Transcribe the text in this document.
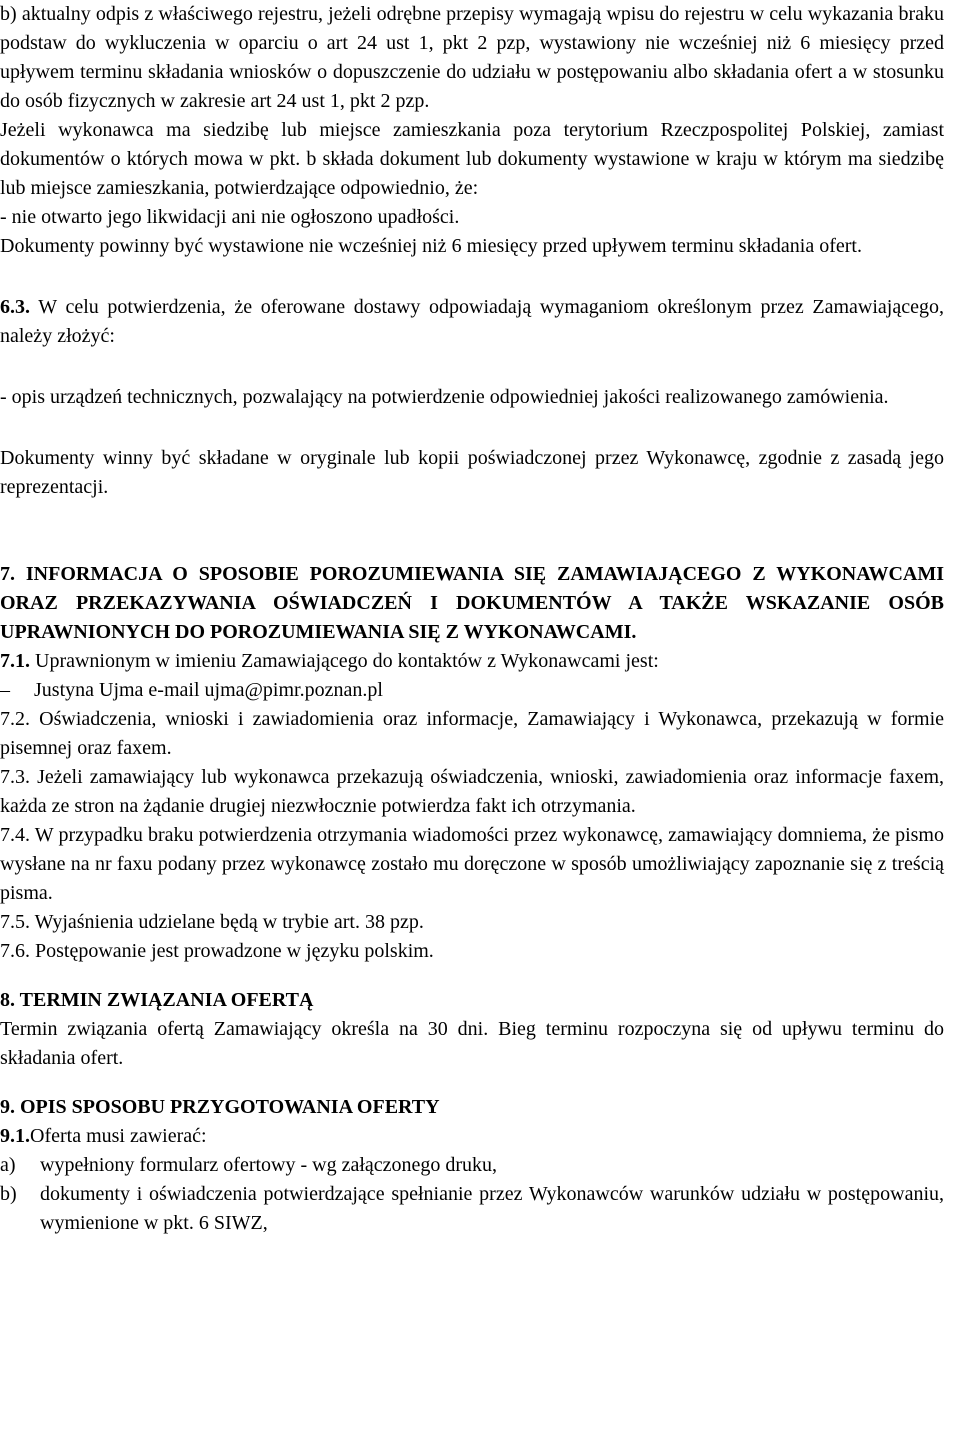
b) aktualny odpis z właściwego rejestru, jeżeli odrębne przepisy wymagają wpisu do rejestru w celu wykazania braku podstaw do wykluczenia w oparciu o art 24 ust 1, pkt 2 pzp, wystawiony nie wcześniej niż 6 miesięcy przed upływem terminu składania wniosków o dopuszczenie do udziału w postępowaniu albo składania ofert a w stosunku do osób fizycznych w zakresie art 24 ust 1, pkt 2 pzp.

Jeżeli wykonawca ma siedzibę lub miejsce zamieszkania poza terytorium Rzeczpospolitej Polskiej, zamiast dokumentów o których mowa w pkt. b składa dokument lub dokumenty wystawione w kraju w którym ma siedzibę lub miejsce zamieszkania, potwierdzające odpowiednio, że:

- nie otwarto jego likwidacji ani nie ogłoszono upadłości.

Dokumenty powinny być wystawione nie wcześniej niż 6 miesięcy przed upływem terminu składania ofert.

6.3. W celu potwierdzenia, że oferowane dostawy odpowiadają wymaganiom określonym przez Zamawiającego, należy złożyć:

- opis urządzeń technicznych, pozwalający na potwierdzenie odpowiedniej jakości realizowanego zamówienia.

Dokumenty winny być składane w oryginale lub kopii poświadczonej przez Wykonawcę, zgodnie z zasadą jego reprezentacji.

7. INFORMACJA O SPOSOBIE POROZUMIEWANIA SIĘ ZAMAWIAJĄCEGO Z WYKONAWCAMI ORAZ PRZEKAZYWANIA OŚWIADCZEŃ I DOKUMENTÓW A TAKŻE WSKAZANIE OSÓB UPRAWNIONYCH DO POROZUMIEWANIA SIĘ Z WYKONAWCAMI.

7.1. Uprawnionym w imieniu Zamawiającego do kontaktów z Wykonawcami jest:

–	Justyna Ujma e-mail ujma@pimr.poznan.pl

7.2. Oświadczenia, wnioski i zawiadomienia oraz informacje, Zamawiający i Wykonawca, przekazują w formie pisemnej oraz faxem.

7.3. Jeżeli zamawiający lub wykonawca przekazują oświadczenia, wnioski, zawiadomienia oraz informacje faxem, każda ze stron na żądanie drugiej niezwłocznie potwierdza fakt ich otrzymania.

7.4. W przypadku braku potwierdzenia otrzymania wiadomości przez wykonawcę, zamawiający domniema, że pismo wysłane na nr faxu podany przez wykonawcę zostało mu doręczone w sposób umożliwiający zapoznanie się z treścią pisma.

7.5. Wyjaśnienia udzielane będą w trybie art. 38 pzp.

7.6. Postępowanie jest prowadzone w języku polskim.

8. TERMIN ZWIĄZANIA OFERTĄ

Termin związania ofertą Zamawiający określa na 30 dni. Bieg terminu rozpoczyna się od upływu terminu do składania ofert.

9. OPIS SPOSOBU PRZYGOTOWANIA OFERTY

9.1.Oferta musi zawierać:

a)	wypełniony formularz ofertowy - wg załączonego druku,
b)	dokumenty i oświadczenia potwierdzające spełnianie przez Wykonawców warunków udziału w postępowaniu, wymienione w pkt. 6 SIWZ,
